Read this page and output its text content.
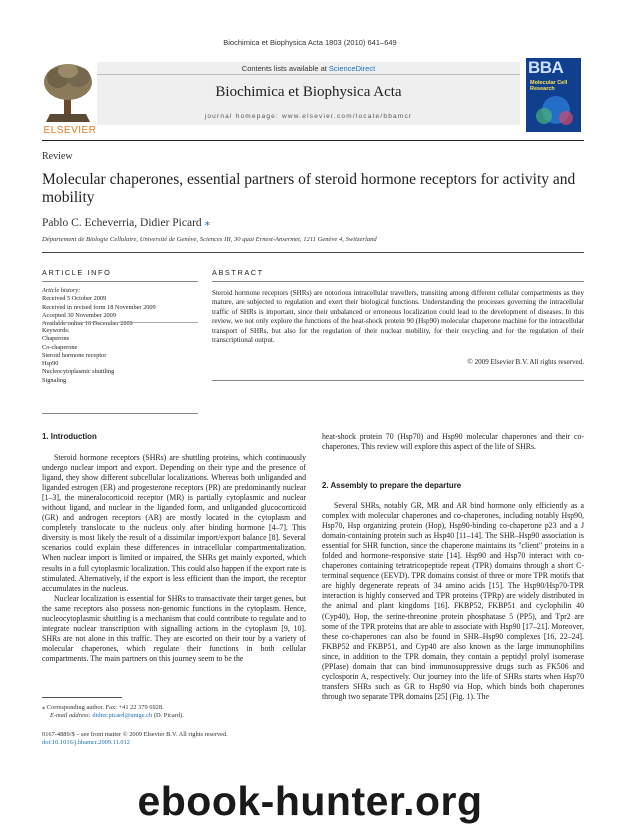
Biochimica et Biophysica Acta 1803 (2010) 641–649
Contents lists available at ScienceDirect
Biochimica et Biophysica Acta
journal homepage: www.elsevier.com/locate/bbamcr
ELSEVIER
BBA
Molecular Cell Research
Review
Molecular chaperones, essential partners of steroid hormone receptors for activity and mobility
Pablo C. Echeverria, Didier Picard ⁎
Département de Biologie Cellulaire, Université de Genève, Sciences III, 30 quai Ernest-Ansermet, 1211 Genève 4, Switzerland
ARTICLE INFO
Article history:
Received 5 October 2009
Received in revised form 18 November 2009
Accepted 30 November 2009
Available online 16 December 2009
Keywords:
Chaperone
Co-chaperone
Steroid hormone receptor
Hsp90
Nucleocytoplasmic shuttling
Signaling
ABSTRACT
Steroid hormone receptors (SHRs) are notorious intracellular travellers, transiting among different cellular compartments as they mature, are subjected to regulation and exert their biological functions. Understanding the processes governing the intracellular traffic of SHRs is important, since their unbalanced or erroneous localization could lead to the development of diseases. In this review, we not only explore the functions of the heat-shock protein 90 (Hsp90) molecular chaperone machine for the intracellular transport of SHRs, but also for the regulation of their nuclear mobility, for their recycling and for the regulation of their transcriptional output.
© 2009 Elsevier B.V. All rights reserved.
1. Introduction

Steroid hormone receptors (SHRs) are shuttling proteins, which continuously undergo nuclear import and export. Depending on their type and the presence of ligand, they show different subcellular localizations. Whereas both unliganded and liganded estrogen (ER) and progesterone receptors (PR) are predominantly nuclear [1–3], the mineralocorticoid receptor (MR) is partially cytoplasmic and nuclear without ligand, and nuclear in the liganded form, and unliganded glucocorticoid (GR) and androgen receptors (AR) are mostly located in the cytoplasm and completely translocate to the nucleus only after binding hormone [4–7]. This diversity is most likely the result of a dissimilar import/export balance [8]. Several scenarios could explain these differences in intracellular compartmentalization. When nuclear import is limited or impaired, the SHRs get mainly exported, which results in a full cytoplasmic localization. This could also happen if the export rate is stimulated. Alternatively, if the export is less efficient than the import, the receptor accumulates in the nucleus.

Nuclear localization is essential for SHRs to transactivate their target genes, but the same receptors also possess non-genomic functions in the cytoplasm. Hence, nucleocytoplasmic shuttling is a mechanism that could contribute to regulate and to integrate nuclear transcription with signalling actions in the cytoplasm [9, 10]. SHRs are not alone in this traffic. They are escorted on their tour by a variety of molecular chaperones, which regulate their functions in both cellular compartments. The main partners on this journey seem to be the

heat-shock protein 70 (Hsp70) and Hsp90 molecular chaperones and their co-chaperones. This review will explore this aspect of the life of SHRs.

2. Assembly to prepare the departure

Several SHRs, notably GR, MR and AR bind hormone only efficiently as a complex with molecular chaperones and co-chaperones, including notably Hsp90, Hsp70, Hsp organizing protein (Hop), Hsp90-binding co-chaperone p23 and a J domain-containing protein such as Hsp40 [11–14]. The SHR–Hsp90 association is essential for SHR function, since the chaperone maintains its "client" proteins in a folded and hormone-responsive state [14]. Hsp90 and Hsp70 interact with co-chaperones containing tetratricopeptide repeat (TPR) domains through a short C-terminal sequence (EEVD). TPR domains consist of three or more TPR motifs that are highly degenerate repeats of 34 amino acids [15]. The Hsp90/Hsp70-TPR interaction is highly conserved and TPR proteins (TPRp) are widely distributed in the animal and plant kingdoms [16]. FKBP52, FKBP51 and cyclophilin 40 (Cyp40), Hop, the serine-threonine protein phosphatase 5 (PP5), and Tpr2 are some of the TPR proteins that are able to associate with Hsp90 [17–21]. Moreover, these co-chaperones can also be found in SHR–Hsp90 complexes [16, 22–24]. FKBP52 and FKBP51, and Cyp40 are also known as the large immunophilins since, in addition to the TPR domain, they contain a peptidyl prolyl isomerase (PPIase) domain that can bind immunosuppressive drugs such as FK506 and cyclosporin A, respectively. Our journey into the life of SHRs starts when Hsp70 transfers SHRs such as GR to Hsp90 via Hop, which binds both chaperones through two separate TPR domains [25] (Fig. 1). The

⁎ Corresponding author. Fax: +41 22 379 6928.
E-mail address: didier.picard@unige.ch (D. Picard).
0167-4889/$ – see front matter © 2009 Elsevier B.V. All rights reserved.
doi:10.1016/j.bbamcr.2009.11.012
ebook-hunter.org
